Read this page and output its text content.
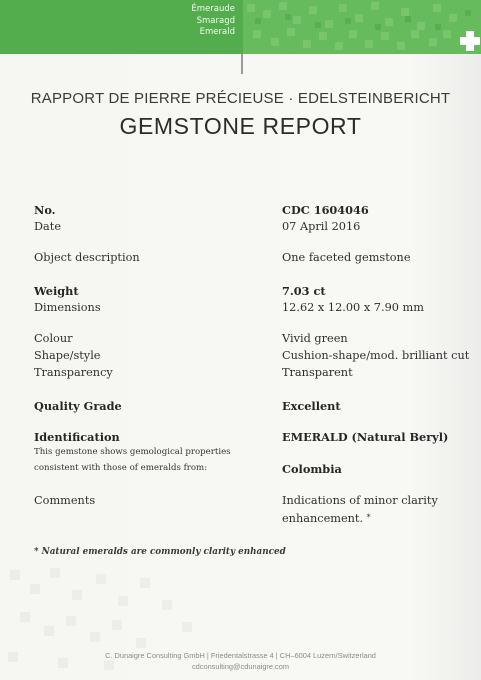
Émeraude
Smaragd
Emerald
RAPPORT DE PIERRE PRÉCIEUSE · EDELSTEINBERICHT
GEMSTONE REPORT
No.	CDC 1604046
Date	07 April 2016
Object description	One faceted gemstone
Weight	7.03 ct
Dimensions	12.62 x 12.00 x 7.90 mm
Colour	Vivid green
Shape/style	Cushion-shape/mod. brilliant cut
Transparency	Transparent
Quality Grade	Excellent
Identification	EMERALD (Natural Beryl)
This gemstone shows gemological properties
consistent with those of emeralds from:	Colombia
Comments	Indications of minor clarity
enhancement. *
* Natural emeralds are commonly clarity enhanced
C. Dunaigre Consulting GmbH | Friedentalstrasse 4 | CH–6004 Luzern/Switzerland
cdconsulting@cdunaigre.com
